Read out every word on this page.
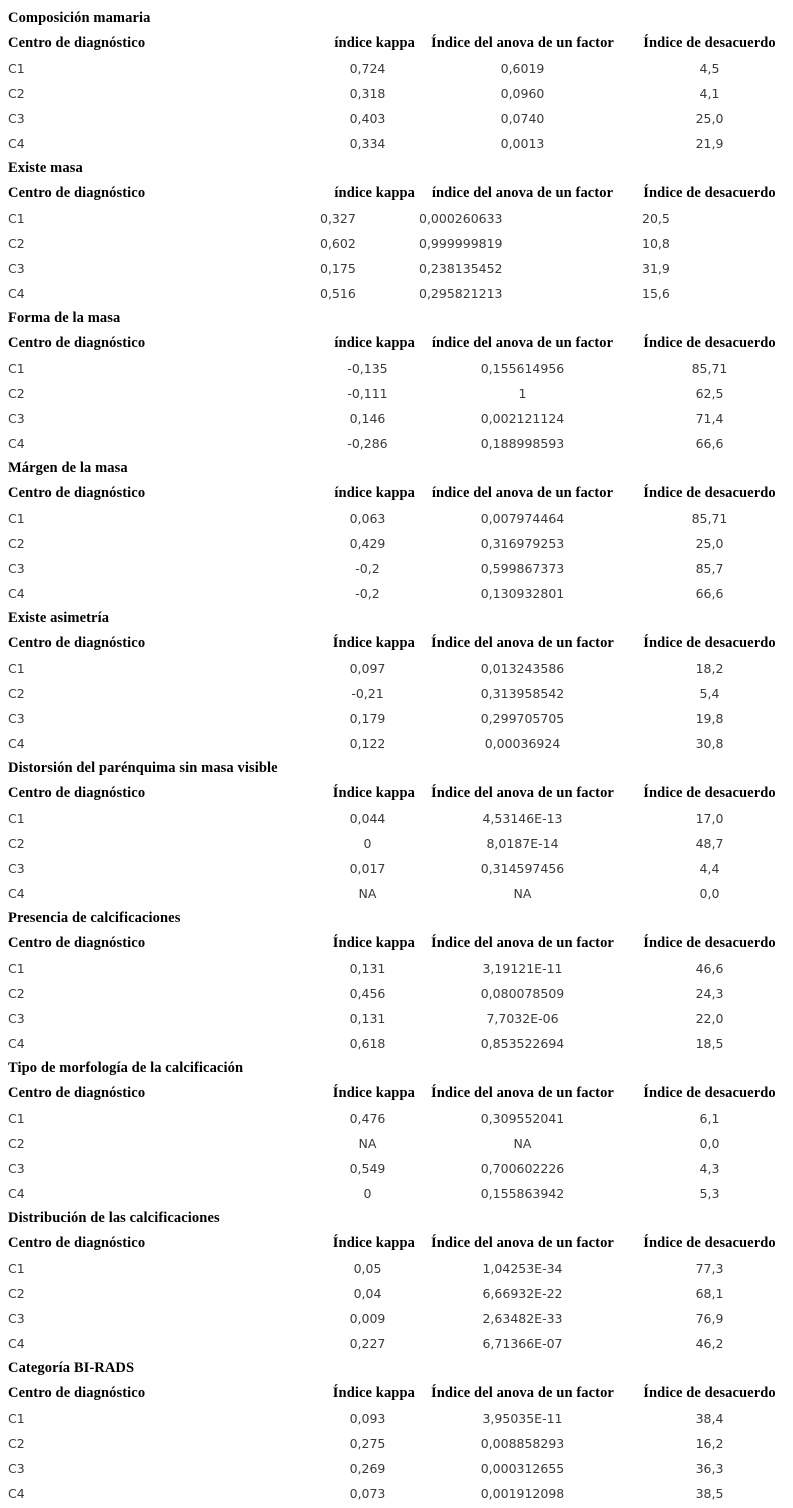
Composición mamaria
Centro de diagnóstico	índice kappa	Índice del anova de un factor	Índice de desacuerdo
C1	0,724	0,6019	4,5
C2	0,318	0,0960	4,1
C3	0,403	0,0740	25,0
C4	0,334	0,0013	21,9
Existe masa
Centro de diagnóstico	índice kappa	índice del anova de un factor	Índice de desacuerdo
C1	0,327	0,000260633	20,5
C2	0,602	0,999999819	10,8
C3	0,175	0,238135452	31,9
C4	0,516	0,295821213	15,6
Forma de la masa
Centro de diagnóstico	índice kappa	índice del anova de un factor	Índice de desacuerdo
C1	-0,135	0,155614956	85,71
C2	-0,111	1	62,5
C3	0,146	0,002121124	71,4
C4	-0,286	0,188998593	66,6
Márgen de la masa
Centro de diagnóstico	índice kappa	índice del anova de un factor	Índice de desacuerdo
C1	0,063	0,007974464	85,71
C2	0,429	0,316979253	25,0
C3	-0,2	0,599867373	85,7
C4	-0,2	0,130932801	66,6
Existe asimetría
Centro de diagnóstico	Índice kappa	Índice del anova de un factor	Índice de desacuerdo
C1	0,097	0,013243586	18,2
C2	-0,21	0,313958542	5,4
C3	0,179	0,299705705	19,8
C4	0,122	0,00036924	30,8
Distorsión del parénquima sin masa visible
Centro de diagnóstico	Índice kappa	Índice del anova de un factor	Índice de desacuerdo
C1	0,044	4,53146E-13	17,0
C2	0	8,0187E-14	48,7
C3	0,017	0,314597456	4,4
C4	NA	NA	0,0
Presencia de calcificaciones
Centro de diagnóstico	Índice kappa	Índice del anova de un factor	Índice de desacuerdo
C1	0,131	3,19121E-11	46,6
C2	0,456	0,080078509	24,3
C3	0,131	7,7032E-06	22,0
C4	0,618	0,853522694	18,5
Tipo de morfología de la calcificación
Centro de diagnóstico	Índice kappa	Índice del anova de un factor	Índice de desacuerdo
C1	0,476	0,309552041	6,1
C2	NA	NA	0,0
C3	0,549	0,700602226	4,3
C4	0	0,155863942	5,3
Distribución de las calcificaciones
Centro de diagnóstico	Índice kappa	Índice del anova de un factor	Índice de desacuerdo
C1	0,05	1,04253E-34	77,3
C2	0,04	6,66932E-22	68,1
C3	0,009	2,63482E-33	76,9
C4	0,227	6,71366E-07	46,2
Categoría BI-RADS
Centro de diagnóstico	Índice kappa	Índice del anova de un factor	Índice de desacuerdo
C1	0,093	3,95035E-11	38,4
C2	0,275	0,008858293	16,2
C3	0,269	0,000312655	36,3
C4	0,073	0,001912098	38,5
